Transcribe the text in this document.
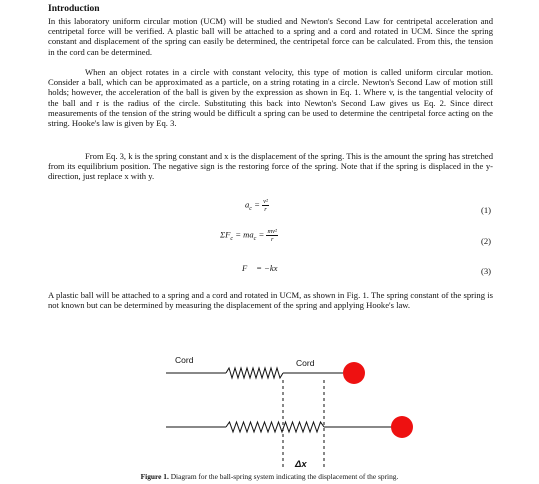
Introduction

In this laboratory uniform circular motion (UCM) will be studied and Newton's Second Law for centripetal acceleration and centripetal force will be verified. A plastic ball will be attached to a spring and a cord and rotated in UCM. Since the spring constant and displacement of the spring can easily be determined, the centripetal force can be calculated. From this, the tension in the cord can be determined.

When an object rotates in a circle with constant velocity, this type of motion is called uniform circular motion. Consider a ball, which can be approximated as a particle, on a string rotating in a circle. Newton's Second Law of motion still holds; however, the acceleration of the ball is given by the expression as shown in Eq. 1. Where v, is the tangential velocity of the ball and r is the radius of the circle. Substituting this back into Newton's Second Law gives us Eq. 2. Since direct measurements of the tension of the string would be difficult a spring can be used to determine the centripetal force acting on the string. Hooke's law is given by Eq. 3.

From Eq. 3, k is the spring constant and x is the displacement of the spring. This is the amount the spring has stretched from its equilibrium position. The negative sign is the restoring force of the spring. Note that if the spring is displaced in the y-direction, just replace x with y.

$a_c = \frac{\text{v²}}{r}$	(1)
$\Sigma F_c = ma_c = \frac{\text{mv²}}{r}$	(2)
F⃗ = −kx⃗	(3)

A plastic ball will be attached to a spring and a cord and rotated in UCM, as shown in Fig. 1. The spring constant of the spring is not known but can be determined by measuring the displacement of the spring and applying Hooke's law.

Cord	Cord
Δx
Figure 1. Diagram for the ball-spring system indicating the displacement of the spring.
